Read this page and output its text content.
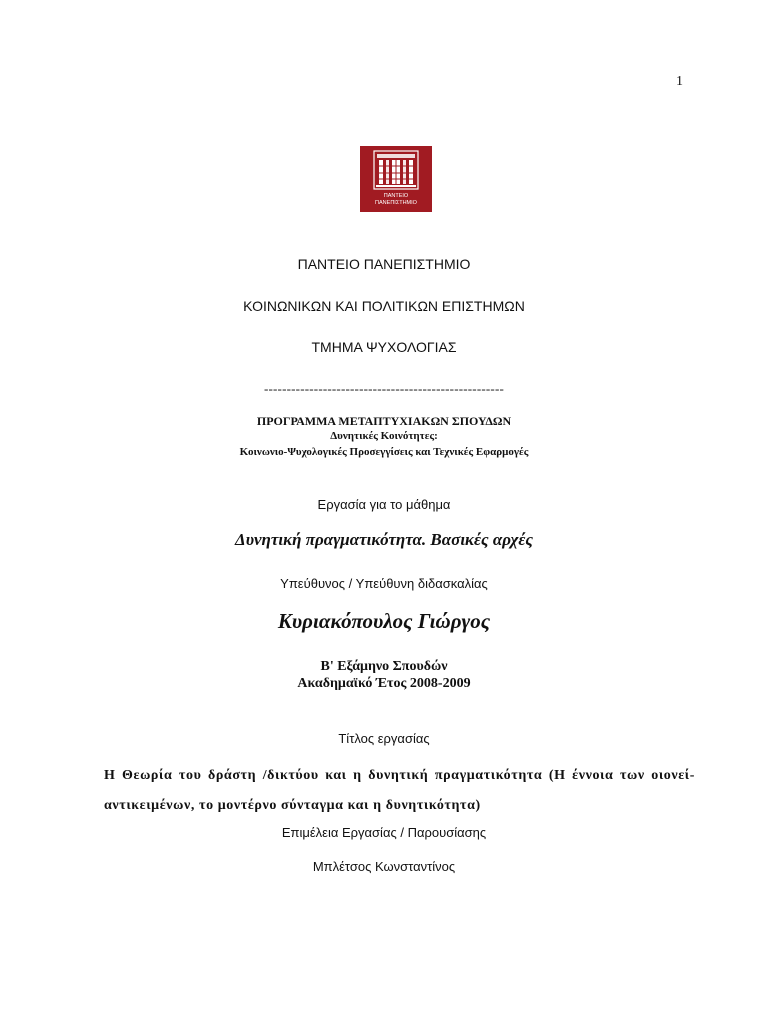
1
ΠΑΝΤΕΙΟ
ΠΑΝΕΠΙΣΤΗΜΙΟ
ΠΑΝΤΕΙΟ ΠΑΝΕΠΙΣΤΗΜΙΟ
ΚΟΙΝΩΝΙΚΩΝ ΚΑΙ ΠΟΛΙΤΙΚΩΝ ΕΠΙΣΤΗΜΩΝ
ΤΜΗΜΑ ΨΥΧΟΛΟΓΙΑΣ
-----------------------------------------------------
ΠΡΟΓΡΑΜΜΑ ΜΕΤΑΠΤΥΧΙΑΚΩΝ ΣΠΟΥΔΩΝ
Δυνητικές Κοινότητες:
Κοινωνιο-Ψυχολογικές Προσεγγίσεις και Τεχνικές Εφαρμογές
Εργασία για το μάθημα
Δυνητική πραγματικότητα. Βασικές αρχές
Υπεύθυνος / Υπεύθυνη διδασκαλίας
Κυριακόπουλος Γιώργος
Β' Εξάμηνο Σπουδών
Ακαδημαϊκό Έτος 2008-2009
Τίτλος εργασίας
Η Θεωρία του δράστη /δικτύου και η δυνητική πραγματικότητα (Η έννοια των οιονεί-
αντικειμένων, το μοντέρνο σύνταγμα και η δυνητικότητα)
Επιμέλεια Εργασίας / Παρουσίασης
Μπλέτσος Κωνσταντίνος
